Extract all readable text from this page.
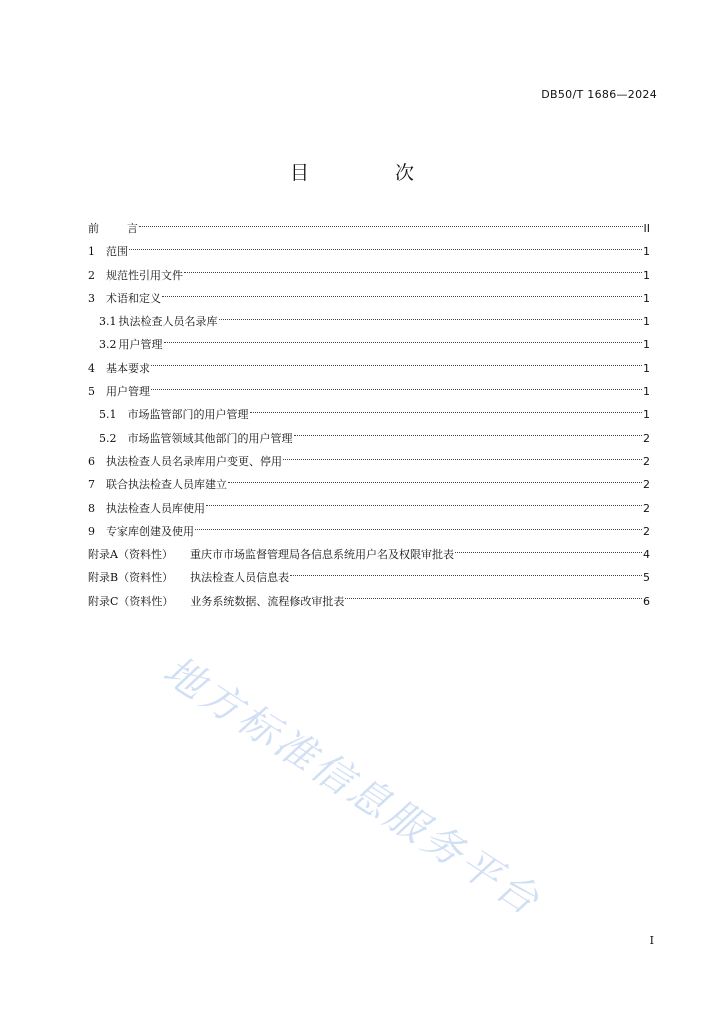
DB50/T 1686—2024
目 次
前	言	II
1 范围	1
2 规范性引用文件	1
3 术语和定义	1
3.1 执法检查人员名录库	1
3.2 用户管理	1
4 基本要求	1
5 用户管理	1
5.1 市场监管部门的用户管理	1
5.2 市场监管领域其他部门的用户管理	2
6 执法检查人员名录库用户变更、停用	2
7 联合执法检查人员库建立	2
8 执法检查人员库使用	2
9 专家库创建及使用	2
附录A（资料性） 重庆市市场监督管理局各信息系统用户名及权限审批表	4
附录B（资料性） 执法检查人员信息表	5
附录C（资料性） 业务系统数据、流程修改审批表	6
地方标准信息服务平台
I
